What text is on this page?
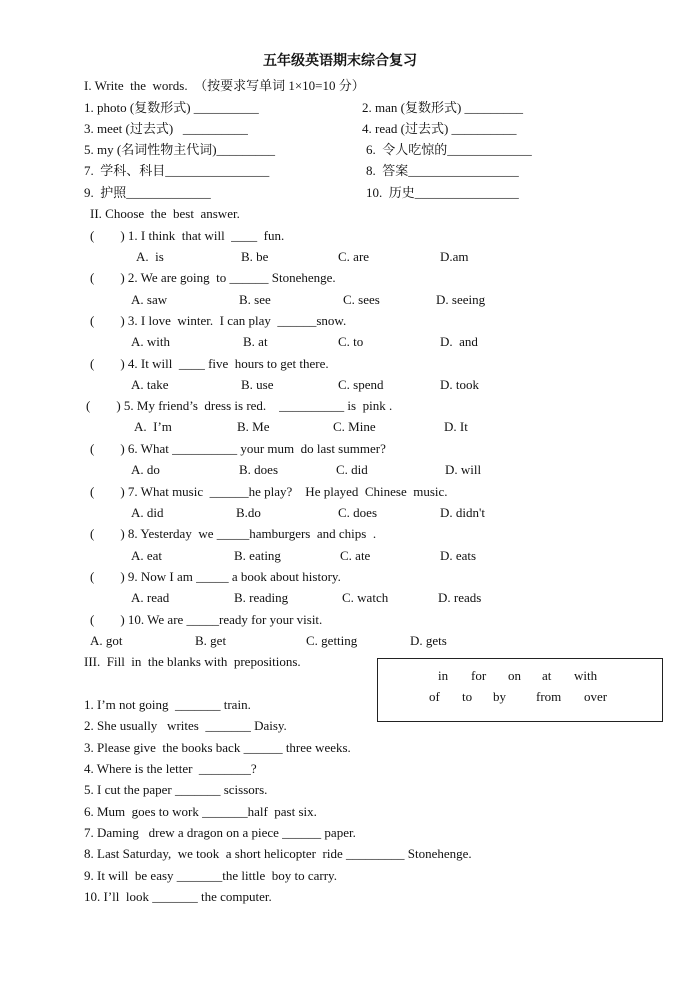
五年级英语期末综合复习
I. Write  the  words.  （按要求写单词 1×10=10 分）
1. photo (复数形式) __________	2. man (复数形式) _________
3. meet (过去式)   __________	4. read (过去式) __________
5. my (名词性物主代词)_________	6.  令人吃惊的_____________
7.  学科、科目________________	8.  答案_________________
9.  护照_____________	10.  历史________________
II. Choose  the  best  answer.
(        ) 1. I think  that will  ____  fun.
A.  is	B. be	C. are	D.am
(        ) 2. We are going  to ______ Stonehenge.
A. saw	B. see	C. sees	D. seeing
(        ) 3. I love  winter.  I can play  ______snow.
A. with	B. at	C. to	D.  and
(        ) 4. It will  ____ five  hours to get there.
A. take	B. use	C. spend	D. took
(        ) 5. My friend’s  dress is red.    __________ is  pink .
A.  I’m	B. Me	C. Mine	D. It
(        ) 6. What __________ your mum  do last summer?
A. do	B. does	C. did	D. will
(        ) 7. What music  ______he play?    He played  Chinese  music.
A. did	B.do	C. does	D. didn't
(        ) 8. Yesterday  we _____hamburgers  and chips  .
A. eat	B. eating	C. ate	D. eats
(        ) 9. Now I am _____ a book about history.
A. read	B. reading	C. watch	D. reads
(        ) 10. We are _____ready for your visit.
A. got	B. get	C. getting	D. gets
III.  Fill  in  the blanks with  prepositions.
in for on at with
of to by from over
1. I’m not going  _______ train.
2. She usually   writes  _______ Daisy.
3. Please give  the books back ______ three weeks.
4. Where is the letter  ________?
5. I cut the paper _______ scissors.
6. Mum  goes to work _______half  past six.
7. Daming   drew a dragon on a piece ______ paper.
8. Last Saturday,  we took  a short helicopter  ride _________ Stonehenge.
9. It will  be easy _______the little  boy to carry.
10. I’ll  look _______ the computer.
